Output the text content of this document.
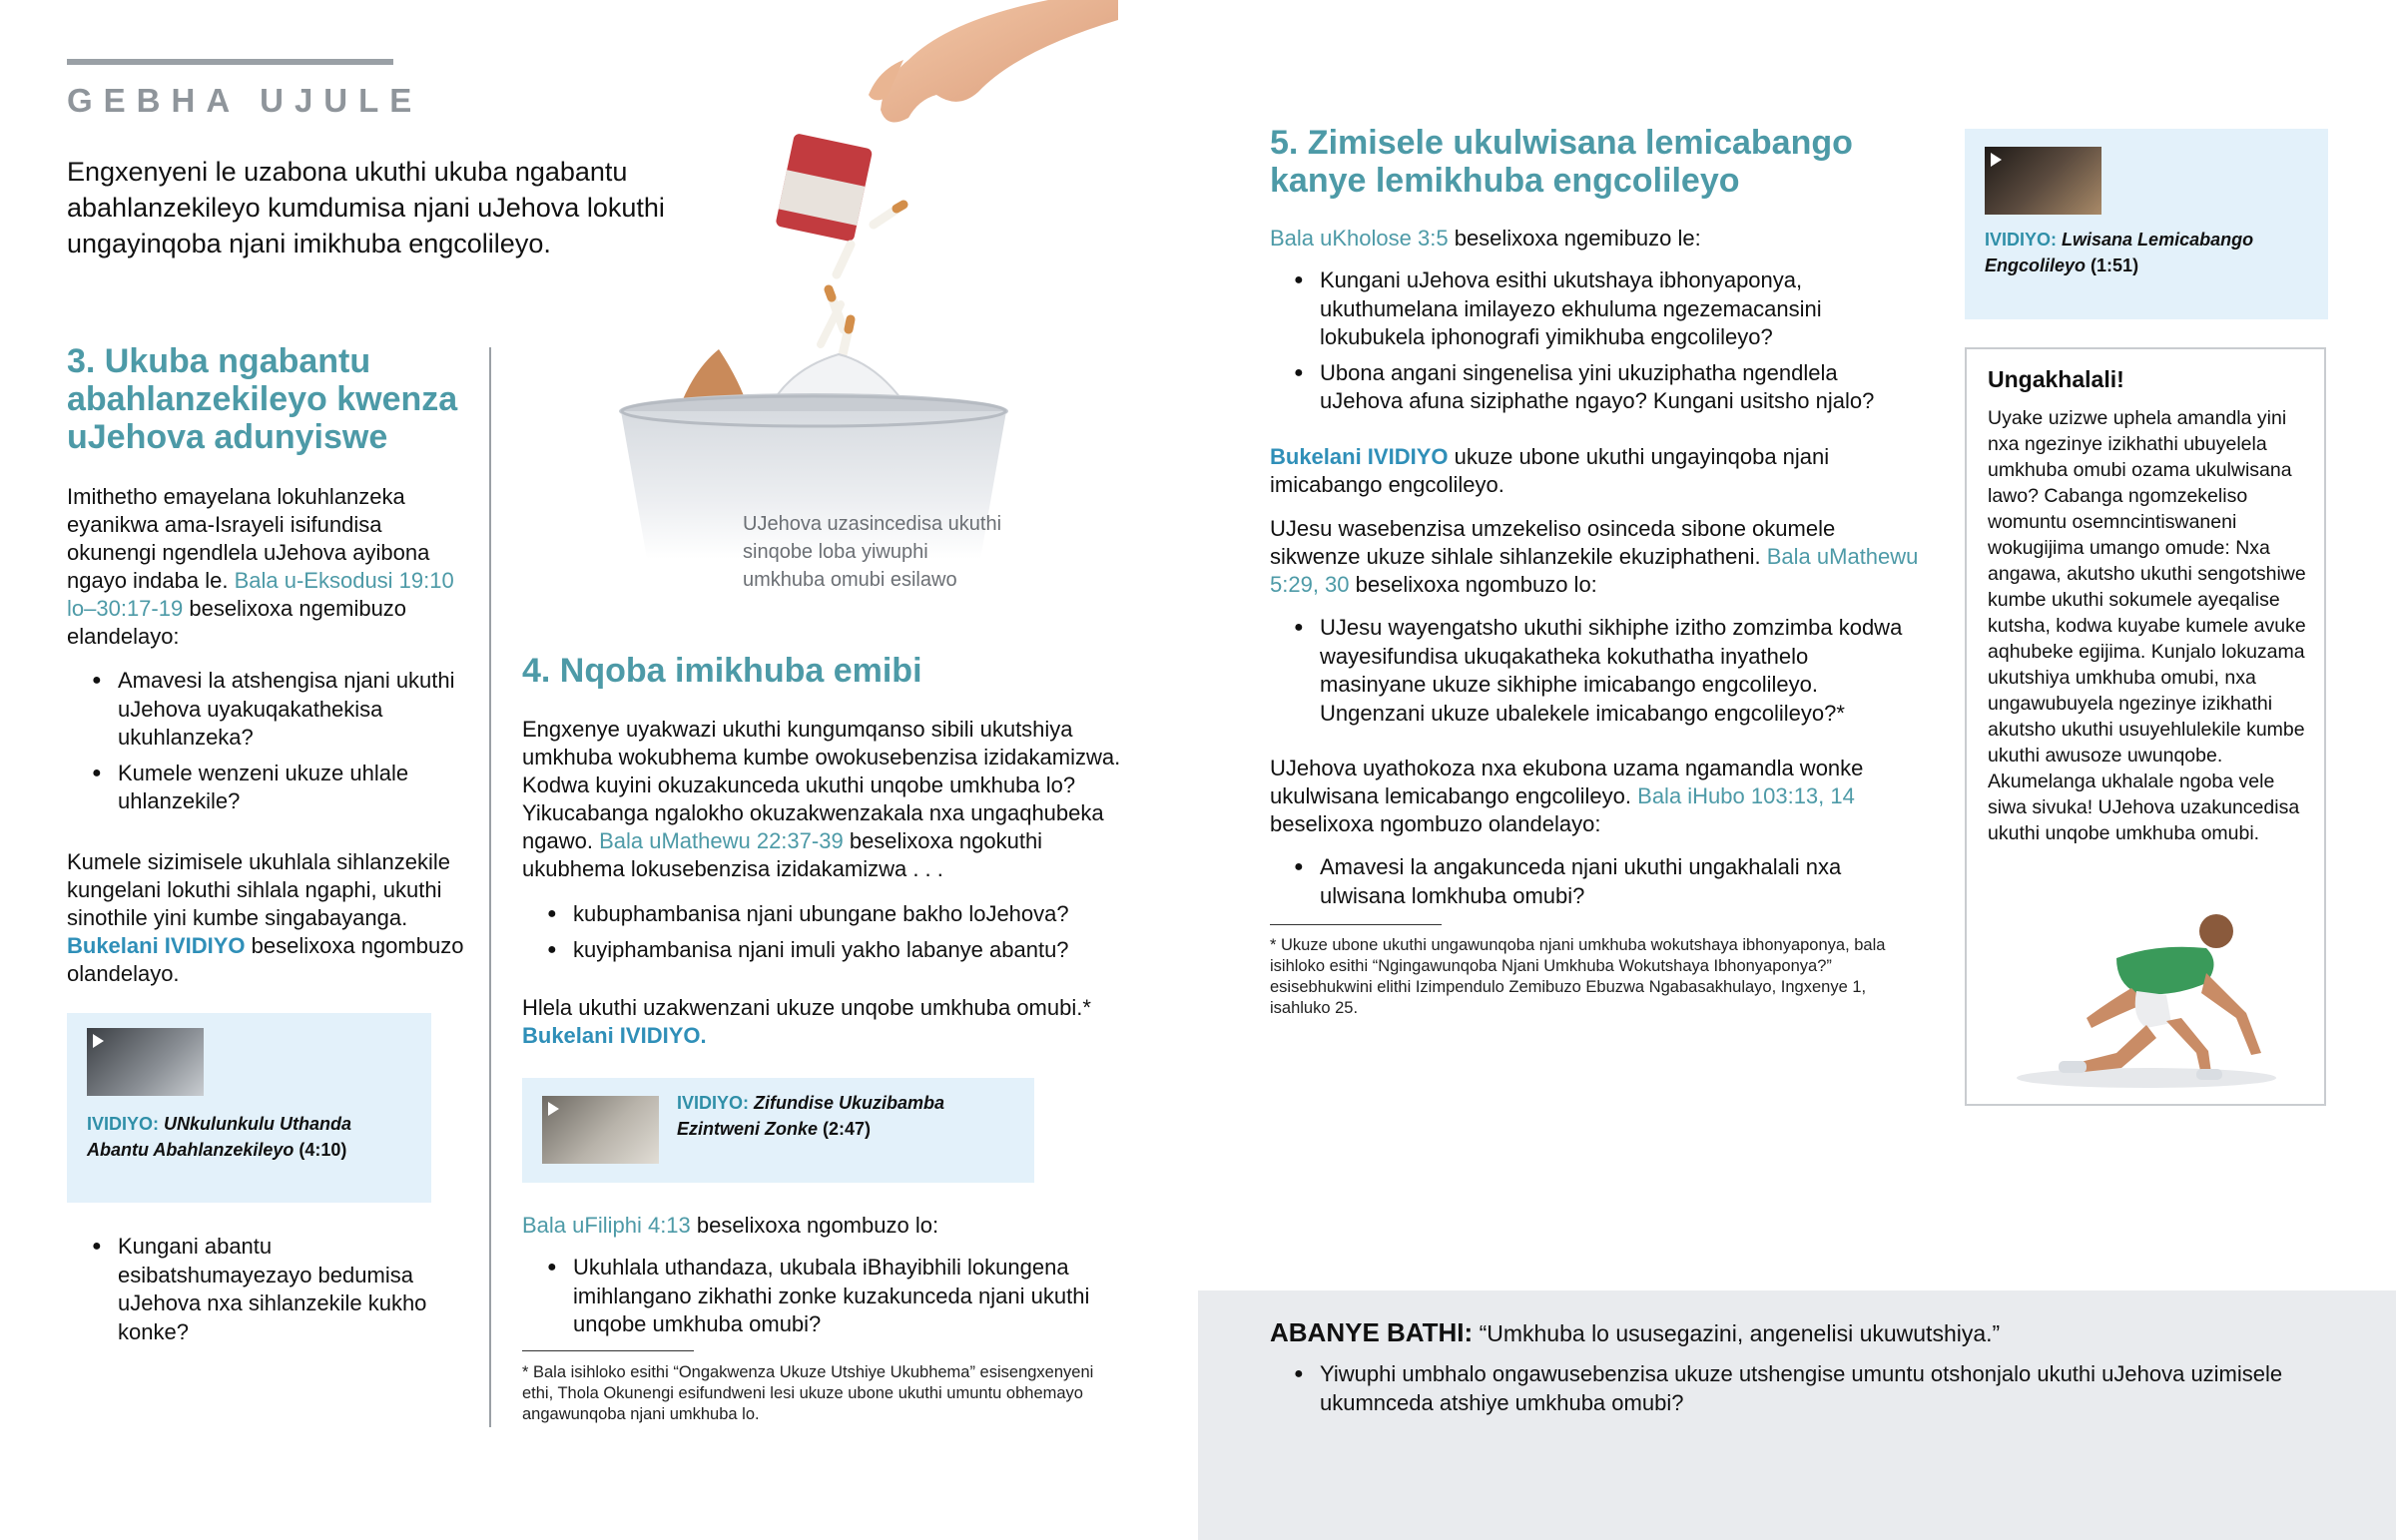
GEBHA UJULE

Engxenyeni le uzabona ukuthi ukuba ngabantu abahlanzekileyo kumdumisa njani uJehova lokuthi ungayinqoba njani imikhuba engcolileyo.

UJehova uzasincedisa ukuthi sinqobe loba yiwuphi umkhuba omubi esilawo
3. Ukuba ngabantu abahlanzekileyo kwenza uJehova adunyiswe

Imithetho emayelana lokuhlanzeka eyanikwa ama-Israyeli isifundisa okunengi ngendlela uJehova ayibona ngayo indaba le. Bala u-Eksodusi 19:10 lo–30:17-19 beselixoxa ngemibuzo elandelayo:

● Amavesi la atshengisa njani ukuthi uJehova uyakuqakathekisa ukuhlanzeka?
● Kumele wenzeni ukuze uhlale uhlanzekile?

Kumele sizimisele ukuhlala sihlanzekile kungelani lokuthi sihlala ngaphi, ukuthi sinothile yini kumbe singabayanga. Bukelani IVIDIYO beselixoxa ngombuzo olandelayo.

IVIDIYO: UNkulunkulu Uthanda Abantu Abahlanzekileyo (4:10)
● Kungani abantu esibatshumayezayo bedumisa uJehova nxa sihlanzekile kukho konke?
4. Nqoba imikhuba emibi

Engxenye uyakwazi ukuthi kungumqanso sibili ukutshiya umkhuba wokubhema kumbe owokusebenzisa izidakamizwa. Kodwa kuyini okuzakunceda ukuthi unqobe umkhuba lo? Yikucabanga ngalokho okuzakwenzakala nxa ungaqhubeka ngawo. Bala uMathewu 22:37-39 beselixoxa ngokuthi ukubhema lokusebenzisa izidakamizwa . . .

● kubuphambanisa njani ubungane bakho loJehova?
● kuyiphambanisa njani imuli yakho labanye abantu?

Hlela ukuthi uzakwenzani ukuze unqobe umkhuba omubi.*
Bukelani IVIDIYO.

IVIDIYO: Zifundise Ukuzibamba Ezintweni Zonke (2:47)

Bala uFiliphi 4:13 beselixoxa ngombuzo lo:

● Ukuhlala uthandaza, ukubala iBhayibhili lokungena imihlangano zikhathi zonke kuzakunceda njani ukuthi unqobe umkhuba omubi?

* Bala isihloko esithi “Ongakwenza Ukuze Utshiye Ukubhema” esisengxenyeni ethi, Thola Okunengi esifundweni lesi ukuze ubone ukuthi umuntu obhemayo angawunqoba njani umkhuba lo.

5. Zimisele ukulwisana lemicabango kanye lemikhuba engcolileyo

Bala uKholose 3:5 beselixoxa ngemibuzo le:

● Kungani uJehova esithi ukutshaya ibhonyaponya, ukuthumelana imilayezo ekhuluma ngezemacansini lokubukela iphonografi yimikhuba engcolileyo?
● Ubona angani singenelisa yini ukuziphatha ngendlela uJehova afuna siziphathe ngayo? Kungani usitsho njalo?

Bukelani IVIDIYO ukuze ubone ukuthi ungayinqoba njani imicabango engcolileyo.

UJesu wasebenzisa umzekeliso osinceda sibone okumele sikwenze ukuze sihlale sihlanzekile ekuziphatheni. Bala uMathewu 5:29, 30 beselixoxa ngombuzo lo:

● UJesu wayengatsho ukuthi sikhiphe izitho zomzimba kodwa wayesifundisa ukuqakatheka kokuthatha inyathelo masinyane ukuze sikhiphe imicabango engcolileyo. Ungenzani ukuze ubalekele imicabango engcolileyo?*

UJehova uyathokoza nxa ekubona uzama ngamandla wonke ukulwisana lemicabango engcolileyo. Bala iHubo 103:13, 14 beselixoxa ngombuzo olandelayo:

● Amavesi la angakunceda njani ukuthi ungakhalali nxa ulwisana lomkhuba omubi?

* Ukuze ubone ukuthi ungawunqoba njani umkhuba wokutshaya ibhonyaponya, bala isihloko esithi “Ngingawunqoba Njani Umkhuba Wokutshaya Ibhonyaponya?” esisebhukwini elithi Izimpendulo Zemibuzo Ebuzwa Ngabasakhulayo, Ingxenye 1, isahluko 25.

IVIDIYO: Lwisana Lemicabango Engcolileyo (1:51)
Ungakhalali!

Uyake uzizwe uphela amandla yini nxa ngezinye izikhathi ubuyelela umkhuba omubi ozama ukulwisana lawo? Cabanga ngomzekeliso womuntu osemncintiswaneni wokugijima umango omude: Nxa angawa, akutsho ukuthi sengotshiwe kumbe ukuthi sokumele ayeqalise kutsha, kodwa kuyabe kumele avuke aqhubeke egijima. Kunjalo lokuzama ukutshiya umkhuba omubi, nxa ungawubuyela ngezinye izikhathi akutsho ukuthi usuyehlulekile kumbe ukuthi awusoze uwunqobe. Akumelanga ukhalale ngoba vele siwa sivuka! UJehova uzakuncedisa ukuthi unqobe umkhuba omubi.

ABANYE BATHI: “Umkhuba lo ususegazini, angenelisi ukuwutshiya.”

● Yiwuphi umbhalo ongawusebenzisa ukuze utshengise umuntu otshonjalo ukuthi uJehova uzimisele ukumnceda atshiye umkhuba omubi?
